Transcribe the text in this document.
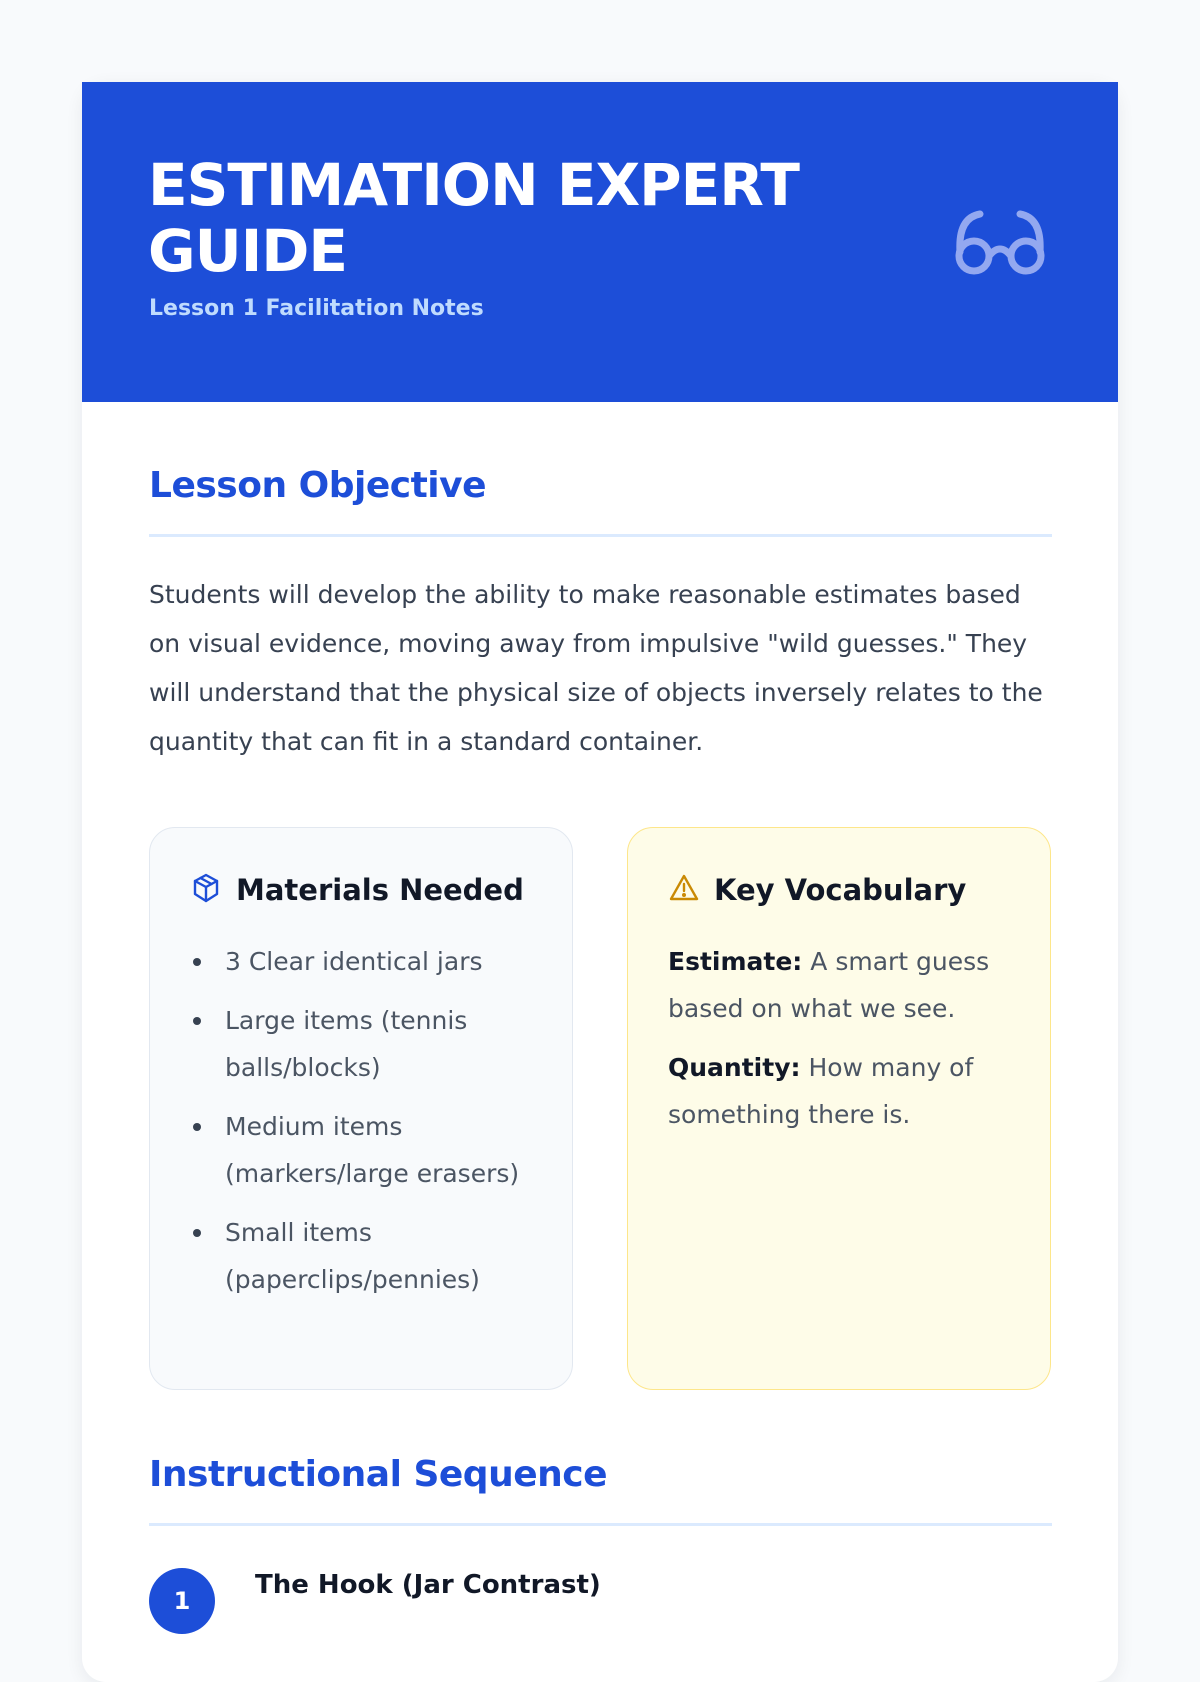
ESTIMATION EXPERT GUIDE
Lesson 1 Facilitation Notes
Lesson Objective

Students will develop the ability to make reasonable estimates based on visual evidence, moving away from impulsive "wild guesses." They will understand that the physical size of objects inversely relates to the quantity that can fit in a standard container.

Materials Needed
3 Clear identical jars
Large items (tennis balls/blocks)
Medium items (markers/large erasers)
Small items (paperclips/pennies)
Key Vocabulary

Estimate: A smart guess based on what we see.

Quantity: How many of something there is.

Instructional Sequence
1
The Hook (Jar Contrast)
